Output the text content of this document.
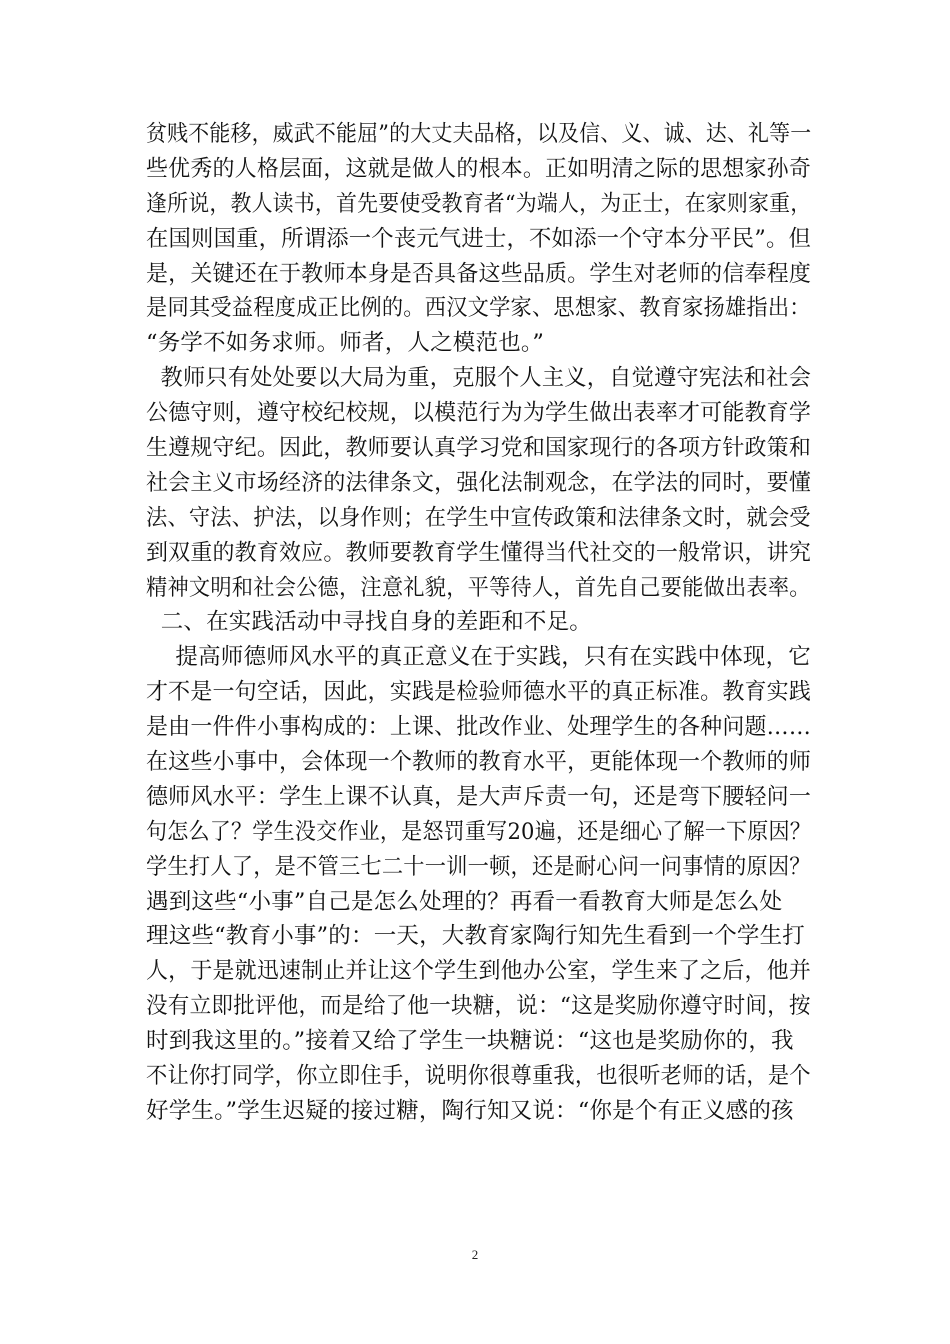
贫贱不能移，威武不能屈”的大丈夫品格，以及信、义、诚、达、礼等一
些优秀的人格层面，这就是做人的根本。正如明清之际的思想家孙奇
逢所说，教人读书，首先要使受教育者“为端人，为正士，在家则家重，
在国则国重，所谓添一个丧元气进士，不如添一个守本分平民”。但
是，关键还在于教师本身是否具备这些品质。学生对老师的信奉程度
是同其受益程度成正比例的。西汉文学家、思想家、教育家扬雄指出：
“务学不如务求师。师者，人之模范也。”
教师只有处处要以大局为重，克服个人主义，自觉遵守宪法和社会
公德守则，遵守校纪校规，以模范行为为学生做出表率才可能教育学
生遵规守纪。因此，教师要认真学习党和国家现行的各项方针政策和
社会主义市场经济的法律条文，强化法制观念，在学法的同时，要懂
法、守法、护法，以身作则；在学生中宣传政策和法律条文时，就会受
到双重的教育效应。教师要教育学生懂得当代社交的一般常识，讲究
精神文明和社会公德，注意礼貌，平等待人，首先自己要能做出表率。
二、在实践活动中寻找自身的差距和不足。
提高师德师风水平的真正意义在于实践，只有在实践中体现，它
才不是一句空话，因此，实践是检验师德水平的真正标准。教育实践
是由一件件小事构成的：上课、批改作业、处理学生的各种问题……
在这些小事中，会体现一个教师的教育水平，更能体现一个教师的师
德师风水平：学生上课不认真，是大声斥责一句，还是弯下腰轻问一
句怎么了？学生没交作业，是怒罚重写20遍，还是细心了解一下原因？
学生打人了，是不管三七二十一训一顿，还是耐心问一问事情的原因？
遇到这些“小事”自己是怎么处理的？再看一看教育大师是怎么处
理这些“教育小事”的：一天，大教育家陶行知先生看到一个学生打
人，于是就迅速制止并让这个学生到他办公室，学生来了之后，他并
没有立即批评他，而是给了他一块糖，说：“这是奖励你遵守时间，按
时到我这里的。”接着又给了学生一块糖说：“这也是奖励你的，我
不让你打同学，你立即住手，说明你很尊重我，也很听老师的话，是个
好学生。”学生迟疑的接过糖，陶行知又说：“你是个有正义感的孩
2
